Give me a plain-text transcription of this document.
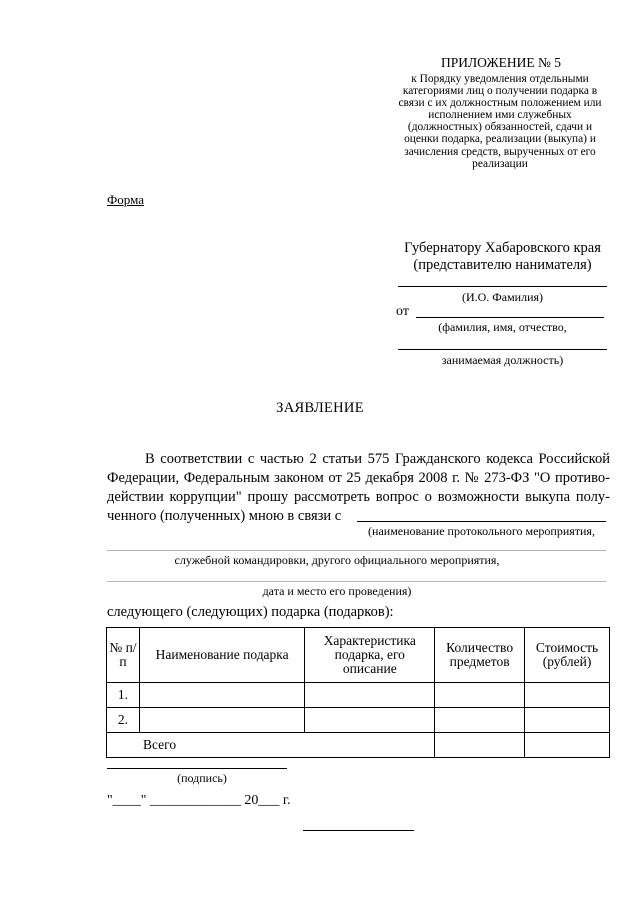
ПРИЛОЖЕНИЕ № 5
к Порядку уведомления отдельными категориями лиц о получении подарка в связи с их должностным положением или исполнением ими служебных (должностных) обязанностей, сдачи и оценки подарка, реализации (выкупа) и зачисления средств, вырученных от его реализации
Форма
Губернатору Хабаровского края
(представителю нанимателя)
(И.О. Фамилия)
от
(фамилия, имя, отчество,
занимаемая должность)
ЗАЯВЛЕНИЕ
В соответствии с частью 2 статьи 575 Гражданского кодекса Российской Федерации, Федеральным законом от 25 декабря 2008 г. № 273-ФЗ "О противо-действии коррупции" прошу рассмотреть вопрос о возможности выкупа полу-ченного (полученных) мною в связи с
(наименование протокольного мероприятия,
служебной командировки, другого официального мероприятия,
дата и место его проведения)
следующего (следующих) подарка (подарков):
№ п/п	Наименование подарка	Характеристика подарка, его описание	Количество предметов	Стоимость (рублей)
1.				
2.				
Всего				
(подпись)
"____" _____________ 20___ г.
